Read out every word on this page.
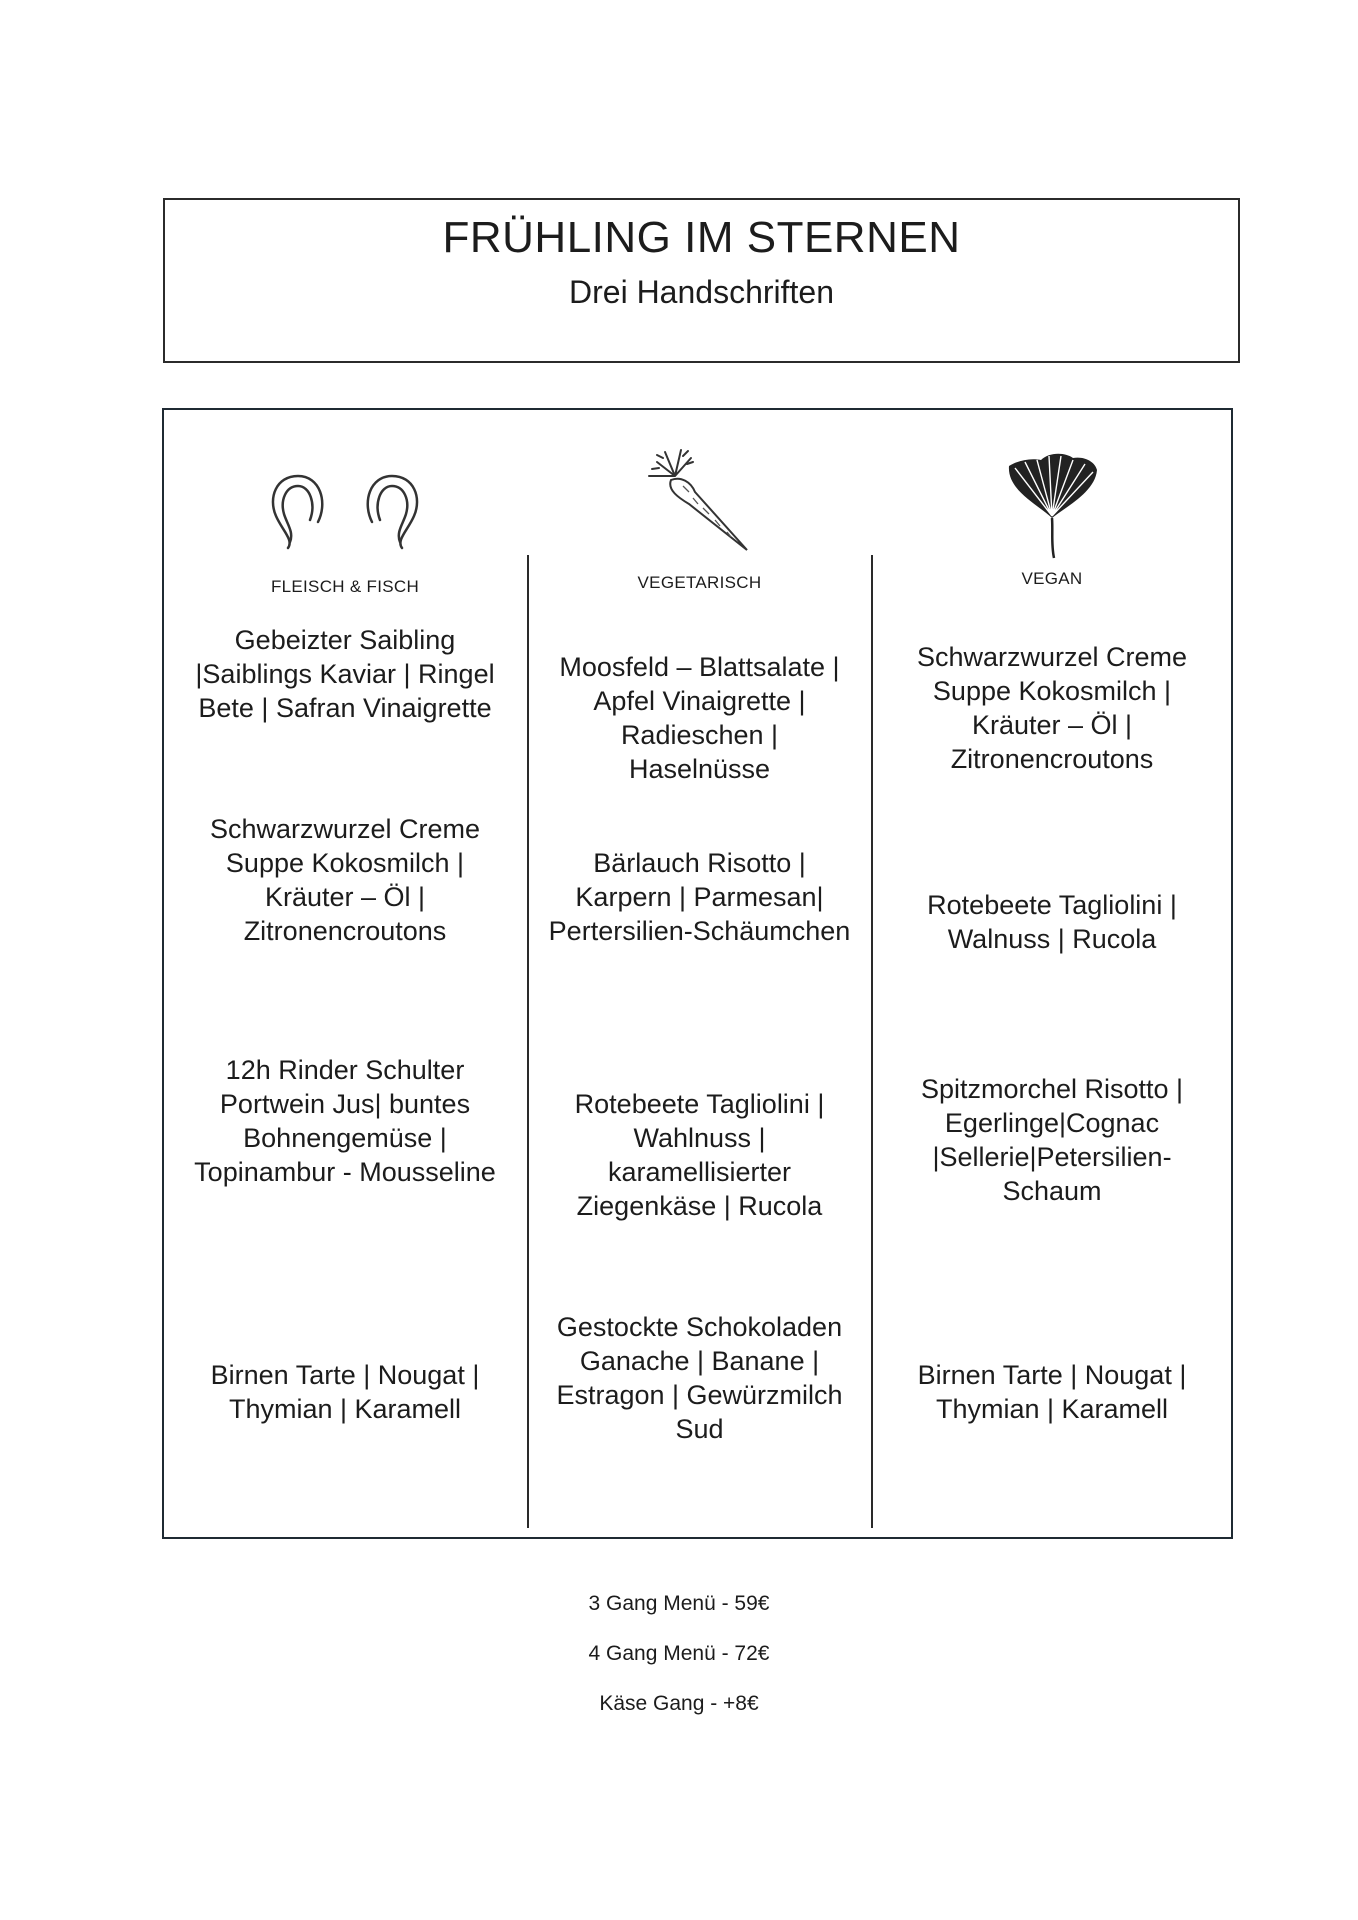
FRÜHLING IM STERNEN
Drei Handschriften
FLEISCH & FISCH
Gebeizter Saibling |Saiblings Kaviar | Ringel Bete | Safran Vinaigrette
Schwarzwurzel Creme Suppe Kokosmilch | Kräuter – Öl | Zitronencroutons
12h Rinder Schulter Portwein Jus| buntes Bohnengemüse | Topinambur - Mousseline
Birnen Tarte | Nougat | Thymian | Karamell
VEGETARISCH
Moosfeld – Blattsalate | Apfel Vinaigrette | Radieschen | Haselnüsse
Bärlauch Risotto | Karpern | Parmesan| Pertersilien-Schäumchen
Rotebeete Tagliolini | Wahlnuss | karamellisierter Ziegenkäse | Rucola
Gestockte Schokoladen Ganache | Banane | Estragon | Gewürzmilch Sud
VEGAN
Schwarzwurzel Creme Suppe Kokosmilch | Kräuter – Öl | Zitronencroutons
Rotebeete Tagliolini | Walnuss | Rucola
Spitzmorchel Risotto | Egerlinge|Cognac |Sellerie|Petersilien-Schaum
Birnen Tarte | Nougat | Thymian | Karamell
3 Gang Menü - 59€
4 Gang Menü - 72€
Käse Gang - +8€
